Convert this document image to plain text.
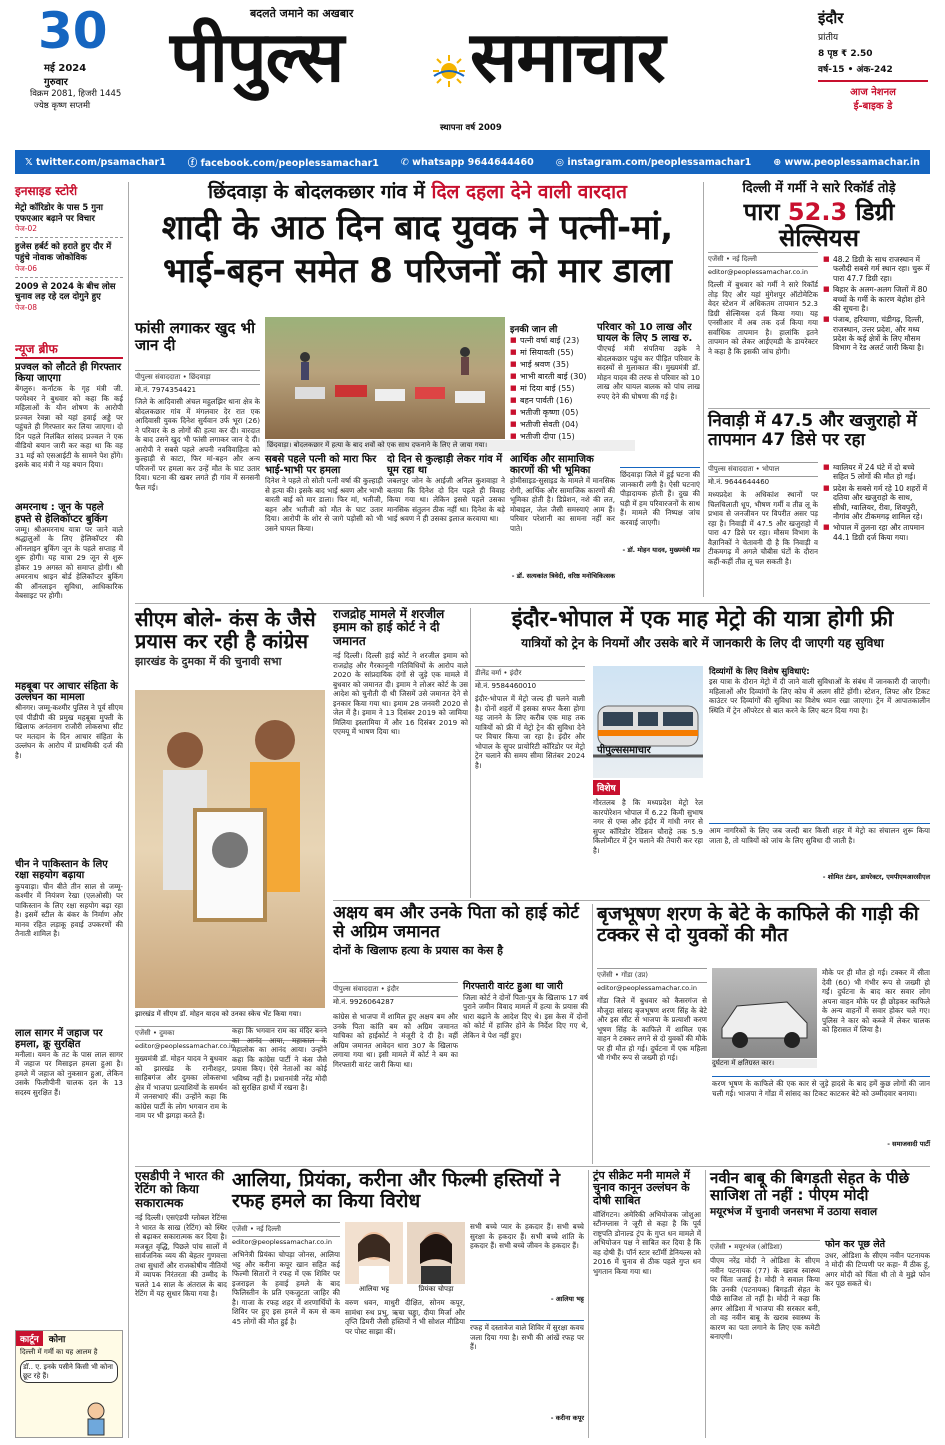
30
मई 2024
गुरुवार
विक्रम 2081, हिजरी 1445
ज्येष्ठ कृष्ण सप्तमी
बदलते जमाने का अखबार
पीपुल्स समाचार
स्थापना वर्ष 2009
इंदौर
प्रांतीय
8 पृष्ठ ₹ 2.50
वर्ष-15 • अंक-242
आज नेशनल
ई-बाइक डे
𝕏 twitter.com/psamachar1 ⓕ facebook.com/peoplessamachar1 ✆ whatsapp 9644644460 ◎ instagram.com/peoplessamachar1 ⊕ www.peoplessamachar.in
इनसाइड स्टोरी
मेट्रो कॉरिडोर के पास 5 गुना एफएआर बढ़ाने पर विचार
पेज-02
हुजेस हर्बर्ट को हराते हुए दौर में पहुंचे नोवाक जोकोविक
पेज-06
2009 से 2024 के बीच लोस चुनाव लड़ रहे दल दोगुने हुए
पेज-08
न्यूज ब्रीफ
प्रज्वल को लौटते ही गिरफ्तार किया जाएगा
बेंगलुरु। कर्नाटक के गृह मंत्री जी. परमेश्वर ने बुधवार को कहा कि कई महिलाओं के यौन शोषण के आरोपी प्रज्वल रेवन्ना को यहां हवाई अड्डे पर पहुंचते ही गिरफ्तार कर लिया जाएगा। दो दिन पहले निलंबित सांसद प्रज्वल ने एक वीडियो बयान जारी कर कहा था कि वह 31 मई को एसआईटी के सामने पेश होंगे। इसके बाद मंत्री ने यह बयान दिया।
अमरनाथ : जून के पहले हफ्ते से हेलिकॉप्टर बुकिंग
जम्मू। श्रीअमरनाथ यात्रा पर जाने वाले श्रद्धालुओं के लिए हेलिकॉप्टर की ऑनलाइन बुकिंग जून के पहले सप्ताह में शुरू होगी। यह यात्रा 29 जून से शुरू होकर 19 अगस्त को समाप्त होगी। श्री अमरनाथ श्राइन बोर्ड हेलिकॉप्टर बुकिंग की ऑनलाइन सुविधा, आधिकारिक वेबसाइट पर होगी।
महबूबा पर आचार संहिता के उल्लंघन का मामला
श्रीनगर। जम्मू-कश्मीर पुलिस ने पूर्व सीएम एवं पीडीपी की प्रमुख महबूबा मुफ्ती के खिलाफ अनंतनाग राजौरी लोकसभा सीट पर मतदान के दिन आचार संहिता के उल्लंघन के आरोप में प्राथमिकी दर्ज की है।
चीन ने पाकिस्तान के लिए रक्षा सहयोग बढ़ाया
कुपवाड़ा। चीन बीते तीन साल से जम्मू-कश्मीर में नियंत्रण रेखा (एलओसी) पर पाकिस्तान के लिए रक्षा सहयोग बढ़ा रहा है। इसमें स्टील के बंकर के निर्माण और मानव रहित लड़ाकू हवाई उपकरणों की तैनाती शामिल है।
लाल सागर में जहाज पर हमला, क्रू सुरक्षित
मनीला। यमन के तट के पास लाल सागर में जहाज पर मिसाइल हमला हुआ है। हमले में जहाज को नुकसान हुआ, लेकिन उसके फिलीपीनी चालक दल के 13 सदस्य सुरक्षित हैं।
कार्टून	कोना
दिल्ली में गर्मी का यह आलम है
डॉ.. ए. इनके पसीने किसी भी कोना छूट रहे हैं।
छिंदवाड़ा के बोदलकछार गांव में दिल दहला देने वाली वारदात
शादी के आठ दिन बाद युवक ने पत्नी-मां, भाई-बहन समेत 8 परिजनों को मार डाला
फांसी लगाकर खुद भी जान दी
पीपुल्स संवाददाता • छिंदवाड़ा
मो.नं. 7974354421
छिंदवाड़ा। बोदलकछार में हत्या के बाद शवों को एक साथ दफनाने के लिए ले जाया गया।
जिले के आदिवासी अंचल महुलझिर थाना क्षेत्र के बोदलकछार गांव में मंगलवार देर रात एक आदिवासी युवक दिनेश सुर्यवान उर्फ भूरा (26) ने परिवार के 8 लोगों की हत्या कर दी। वारदात के बाद उसने खुद भी फांसी लगाकर जान दे दी। आरोपी ने सबसे पहले अपनी नवविवाहिता को कुल्हाड़ी से काटा, फिर मां-बहन और अन्य परिजनों पर हमला कर उन्हें मौत के घाट उतार दिया। घटना की खबर लगते ही गांव में सनसनी फैल गई।
इनकी जान ली
■ पत्नी वर्षा बाई (23)
■ मां सियावती (55)
■ भाई श्रवण (35)
■ भाभी बारती बाई (30)
■ मां दिया बाई (55)
■ बहन पार्वती (16)
■ भतीजी कृष्णा (05)
■ भतीजी सेवती (04)
■ भतीजी दीपा (15)
सबसे पहले पत्नी को मारा फिर भाई-भाभी पर हमला
दिनेश ने पहले तो सोती पत्नी वर्षा की कुल्हाड़ी से हत्या की। इसके बाद भाई श्रवण और भाभी बारती बाई को मार डाला। फिर मां, भतीजी, बहन और भतीजी को मौत के घाट उतार दिया। आरोपी के शोर से जागे पड़ोसी को भी उसने घायल किया।
दो दिन से कुल्हाड़ी लेकर गांव में घूम रहा था
जबलपुर जोन के आईजी अनिल कुशवाहा ने बताया कि दिनेश दो दिन पहले ही विवाह किया गया था। लेकिन इससे पहले उसका मानसिक संतुलन ठीक नहीं था। दिनेश के बड़े भाई श्रवण ने ही उसका इलाज करवाया था।
आर्थिक और सामाजिक कारणों की भी भूमिका
होमीसाइड-सुसाइड के मामले में मानसिक रोगी, आर्थिक और सामाजिक कारणों की भूमिका होती है। डिप्रेशन, नशे की लत, मोबाइल, जेल जैसी समस्याएं आम हैं। परिवार परेशानी का सामना नहीं कर पाते।
- डॉ. सत्यकांत त्रिवेदी, वरिष्ठ मनोचिकित्सक
परिवार को 10 लाख और घायल के लिए 5 लाख रु.
पीएचई मंत्री संपतिया उइके ने बोदलकछार पहुंच कर पीड़ित परिवार के सदस्यों से मुलाकात की। मुख्यमंत्री डॉ. मोहन यादव की तरफ से परिवार को 10 लाख और घायल बालक को पांच लाख रुपए देने की घोषणा की गई है।
छिंदवाड़ा जिले में हुई घटना की जानकारी लगी है। ऐसी घटनाएं पीड़ादायक होती हैं। दुख की घड़ी में हम परिवारजनों के साथ हैं। मामले की निष्पक्ष जांच करवाई जाएगी।
- डॉ. मोहन यादव, मुख्यमंत्री मप्र
दिल्ली में गर्मी ने सारे रिकॉर्ड तोड़े
पारा 52.3 डिग्री सेल्सियस
एजेंसी • नई दिल्ली
editor@peoplessamachar.co.in
दिल्ली में बुधवार को गर्मी ने सारे रिकॉर्ड तोड़ दिए और यहां मुंगेशपुर ऑटोमेटिक वेदर स्टेशन में अधिकतम तापमान 52.3 डिग्री सेल्सियस दर्ज किया गया। यह एनसीआर में अब तक दर्ज किया गया सर्वाधिक तापमान है। हालांकि इतने तापमान को लेकर आईएमडी के डायरेक्टर ने कहा है कि इसकी जांच होगी।
■ 48.2 डिग्री के साथ राजस्थान में फलौदी सबसे गर्म स्थान रहा। चुरू में पारा 47.7 डिग्री रहा।
■ बिहार के अलग-अलग जिलों में 80 बच्चों के गर्मी के कारण बेहोश होने की सूचना है।
■ पंजाब, हरियाणा, चंडीगढ़, दिल्ली, राजस्थान, उत्तर प्रदेश, और मध्य प्रदेश के कई क्षेत्रों के लिए मौसम विभाग ने रेड अलर्ट जारी किया है।
निवाड़ी में 47.5 और खजुराहो में तापमान 47 डिसे पर रहा
पीपुल्स संवाददाता • भोपाल
मो.नं. 9644644460
मध्यप्रदेश के अधिकांश स्थानों पर चिलचिलाती धूप, भीषण गर्मी व तीव्र लू के प्रभाव से जनजीवन पर विपरीत असर पड़ रहा है। निवाड़ी में 47.5 और खजुराहो में पारा 47 डिसे पर रहा। मौसम विभाग के वैज्ञानिकों ने चेतावनी दी है कि निवाड़ी व टीकमगढ़ में अगले चौबीस घंटों के दौरान कहीं-कहीं तीव्र लू चल सकती है।
■ ग्वालियर में 24 घंटे में दो बच्चे सहित 5 लोगों की मौत हो गई।
■ प्रदेश के सबसे गर्म रहे 10 शहरों में दतिया और खजुराहो के साथ, सीधी, ग्वालियर, रीवा, शिवपुरी, नौगांव और टीकमगढ़ शामिल रहे।
■ भोपाल में तुलना रहा और तापमान 44.1 डिग्री दर्ज किया गया।
सीएम बोले- कंस के जैसे प्रयास कर रही है कांग्रेस
झारखंड के दुमका में की चुनावी सभा
झारखंड में सीएम डॉ. मोहन यादव को उनका स्केच भेंट किया गया।
एजेंसी • दुमका
editor@peoplessamachar.co.in
मुख्यमंत्री डॉ. मोहन यादव ने बुधवार को झारखंड के रानीशहर, साहिबगंज और दुमका लोकसभा क्षेत्र में भाजपा प्रत्याशियों के समर्थन में जनसभाएं कीं। उन्होंने कहा कि कांग्रेस पार्टी के लोग भगवान राम के नाम पर भी झगड़ा करते हैं।
कहा कि भगवान राम का मंदिर बनने का आनंद आया, महाकाल के महालोक का आनंद आया। उन्होंने कहा कि कांग्रेस पार्टी ने कंस जैसे प्रयास किए। ऐसे नेताओं का कोई भविष्य नहीं है। प्रधानमंत्री नरेंद्र मोदी को सुरक्षित हाथों में रखना है।
राजद्रोह मामले में शरजील इमाम को हाई कोर्ट ने दी जमानत
नई दिल्ली। दिल्ली हाई कोर्ट ने शरजील इमाम को राजद्रोह और गैरकानूनी गतिविधियों के आरोप वाले 2020 के सांप्रदायिक दंगों से जुड़े एक मामले में बुधवार को जमानत दी। इमाम ने लोअर कोर्ट के उस आदेश को चुनौती दी थी जिसमें उसे जमानत देने से इनकार किया गया था। इमाम 28 जनवरी 2020 से जेल में है। इमाम ने 13 दिसंबर 2019 को जामिया मिलिया इस्लामिया में और 16 दिसंबर 2019 को एएमयू में भाषण दिया था।
इंदौर-भोपाल में एक माह मेट्रो की यात्रा होगी फ्री
यात्रियों को ट्रेन के नियमों और उसके बारे में जानकारी के लिए दी जाएगी यह सुविधा
डीलेंद्र वर्मा • इंदौर
मो.नं. 9584460010
इंदौर-भोपाल में मेट्रो जल्द ही चलने वाली है। दोनों शहरों में इसका सफर कैसा होगा यह जानने के लिए करीब एक माह तक यात्रियों को फ्री में मेट्रो ट्रेन की सुविधा देने पर विचार किया जा रहा है। इंदौर और भोपाल के सुपर प्रायोरिटी कॉरिडोर पर मेट्रो ट्रेन चलाने की समय सीमा सितंबर 2024 है।
पीपुल्ससमाचार
विशेष
गौरतलब है कि मध्यप्रदेश मेट्रो रेल कारपोरेशन भोपाल में 6.22 किमी सुभाष नगर से एम्स और इंदौर में गांधी नगर से सुपर कॉरिडोर रेडिसन चौराहे तक 5.9 किलोमीटर में ट्रेन चलाने की तैयारी कर रहा है।
दिव्यांगों के लिए विशेष सुविधाएं:
इस यात्रा के दौरान मेट्रो में दी जाने वाली सुविधाओं के संबंध में जानकारी दी जाएगी। महिलाओं और दिव्यांगों के लिए कोच में अलग सीटें होंगी। स्टेशन, लिफ्ट और टिकट काउंटर पर दिव्यांगों की सुविधा का विशेष ध्यान रखा जाएगा। ट्रेन में आपातकालीन स्थिति में ट्रेन ऑपरेटर से बात करने के लिए बटन दिया गया है।
आम नागरिकों के लिए जब जल्दी बार किसी शहर में मेट्रो का संचालन शुरू किया जाता है, तो यात्रियों को जांच के लिए सुविधा दी जाती है।
- शोमित टंडन, डायरेक्टर, एमपीएमआरसीएल
अक्षय बम और उनके पिता को हाई कोर्ट से अग्रिम जमानत
दोनों के खिलाफ हत्या के प्रयास का केस है
पीपुल्स संवाददाता • इंदौर
मो.नं. 9926064287
कांग्रेस से भाजपा में शामिल हुए अक्षय बम और उनके पिता कांति बम को अग्रिम जमानत याचिका को हाईकोर्ट ने मंजूरी दे दी है। वहीं अग्रिम जमानत आवेदन धारा 307 के खिलाफ लगाया गया था। इसी मामले में कोर्ट ने बम का गिरफ्तारी वारंट जारी किया था।
गिरफ्तारी वारंट हुआ था जारी
जिला कोर्ट ने दोनों पिता-पुत्र के खिलाफ 17 वर्ष पुराने जमीन विवाद मामले में हत्या के प्रयास की धारा बढ़ाने के आदेश दिए थे। इस केस में दोनों को कोर्ट में हाजिर होने के निर्देश दिए गए थे, लेकिन वे पेश नहीं हुए।
बृजभूषण शरण के बेटे के काफिले की गाड़ी की टक्कर से दो युवकों की मौत
एजेंसी • गोंडा (उप्र)
editor@peoplessamachar.co.in
गोंडा जिले में बुधवार को कैसरगंज से मौजूदा सांसद बृजभूषण शरण सिंह के बेटे और इस सीट से भाजपा के प्रत्याशी करण भूषण सिंह के काफिले में शामिल एक वाहन ने टक्कर लगने से दो युवकों की मौके पर ही मौत हो गई। दुर्घटना में एक महिला भी गंभीर रूप से जख्मी हो गई।
दुर्घटना में क्षतिग्रस्त कार।
मौके पर ही मौत हो गई। टक्कर में सीता देवी (60) भी गंभीर रूप से जख्मी हो गईं। दुर्घटना के बाद कार सवार लोग अपना वाहन मौके पर ही छोड़कर काफिले के अन्य वाहनों में सवार होकर चले गए। पुलिस ने कार को कब्जे में लेकर चालक को हिरासत में लिया है।
करण भूषण के काफिले की एक कार से जुड़े हादसे के बाद हमें कुछ लोगों की जान चली गई। भाजपा ने गोंडा में सांसद का टिकट काटकर बेटे को उम्मीदवार बनाया।
- समाजवादी पार्टी
एसडीपी ने भारत की रेटिंग को किया सकारात्मक
नई दिल्ली। एसएंडपी ग्लोबल रेटिंग्स ने भारत के साख (रेटिंग) को स्थिर से बढ़ाकर सकारात्मक कर दिया है। मजबूत वृद्धि, पिछले पांच सालों में सार्वजनिक व्यय की बेहतर गुणवत्ता तथा सुधारों और राजकोषीय नीतियों में व्यापक निरंतरता की उम्मीद के चलते 14 साल के अंतराल के बाद रेटिंग में यह सुधार किया गया है।
आलिया, प्रियंका, करीना और फिल्मी हस्तियों ने रफह हमले का किया विरोध
एजेंसी • नई दिल्ली
editor@peoplessamachar.co.in
अभिनेत्री प्रियंका चोपड़ा जोनस, आलिया भट्ट और करीना कपूर खान सहित कई फिल्मी सितारों ने रफह में एक शिविर पर इजराइल के हवाई हमले के बाद फिलिस्तीन के प्रति एकजुटता जाहिर की है। गाजा के रफह शहर में शरणार्थियों के शिविर पर हुए इस हमले में कम से कम 45 लोगों की मौत हुई है।
आलिया भट्ट	प्रियंका चोपड़ा
वरुण धवन, माधुरी दीक्षित, सोनम कपूर, सामंथा रुथ प्रभु, ऋचा चड्ढा, दीया मिर्जा और तृप्ति डिमरी जैसी हस्तियों ने भी सोशल मीडिया पर पोस्ट साझा कीं।
सभी बच्चे प्यार के हकदार हैं। सभी बच्चे सुरक्षा के हकदार हैं। सभी बच्चे शांति के हकदार हैं। सभी बच्चे जीवन के हकदार हैं।
- आलिया भट्ट
रफह में दस्तावेज वाले शिविर में सुरक्षा कवच जला दिया गया है। सभी की आंखें रफह पर हैं।
- करीना कपूर
ट्रंप सीक्रेट मनी मामले में चुनाव कानून उल्लंघन के दोषी साबित
वॉशिंगटन। अमेरिकी अभियोजक जोशुआ स्टीनग्लास ने जूरी से कहा है कि पूर्व राष्ट्रपति डोनाल्ड ट्रंप के गुप्त धन मामले में अभियोजन पक्ष ने साबित कर दिया है कि वह दोषी हैं। पॉर्न स्टार स्टॉर्मी डेनियल्स को 2016 में चुनाव से ठीक पहले गुप्त धन भुगतान किया गया था।
नवीन बाबू की बिगड़ती सेहत के पीछे साजिश तो नहीं : पीएम मोदी
मयूरभंज में चुनावी जनसभा में उठाया सवाल
एजेंसी • मयूरभंज (ओडिशा)
पीएम नरेंद्र मोदी ने ओडिशा के सीएम नवीन पटनायक (77) के खराब स्वास्थ्य पर चिंता जताई है। मोदी ने सवाल किया कि उनकी (पटनायक) बिगड़ती सेहत के पीछे साजिश तो नहीं है। मोदी ने कहा कि अगर ओडिशा में भाजपा की सरकार बनी, तो वह नवीन बाबू के खराब स्वास्थ्य के कारण का पता लगाने के लिए एक कमेटी बनाएगी।
फोन कर पूछ लेते
उधर, ओडिशा के सीएम नवीन पटनायक ने मोदी की टिप्पणी पर कहा- मैं ठीक हूं, अगर मोदी को चिंता थी तो वे मुझे फोन कर पूछ सकते थे।
